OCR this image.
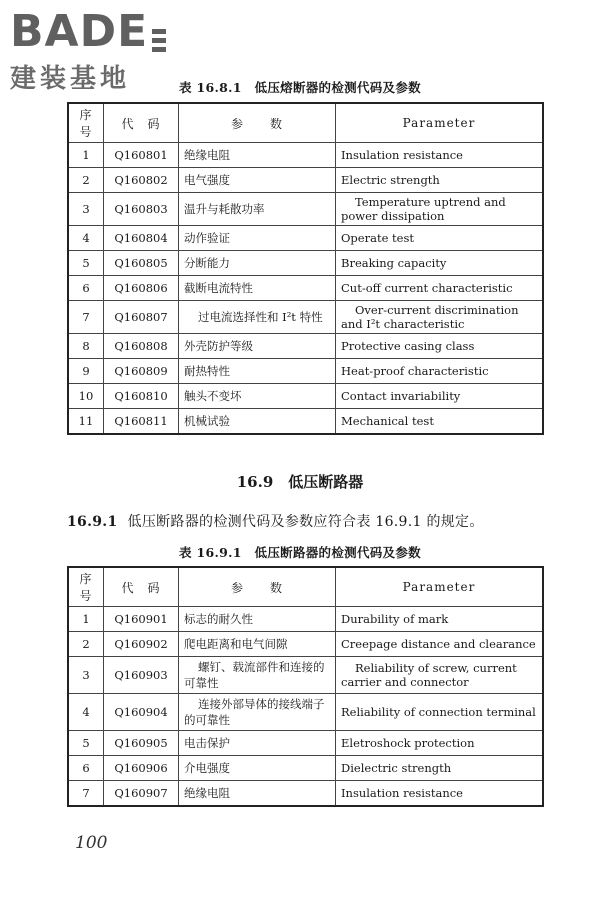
BADE
建装基地	表 16.8.1　低压熔断器的检测代码及参数
序号	代　码	参　　数	Parameter
1	Q160801	绝缘电阻	Insulation resistance
2	Q160802	电气强度	Electric strength
3	Q160803	温升与耗散功率	Temperature uptrend and power dissipation
4	Q160804	动作验证	Operate test
5	Q160805	分断能力	Breaking capacity
6	Q160806	截断电流特性	Cut-off current characteristic
7	Q160807	过电流选择性和 I²t 特性	Over-current discrimination and I²t characteristic
8	Q160808	外壳防护等级	Protective casing class
9	Q160809	耐热特性	Heat-proof characteristic
10	Q160810	触头不变坏	Contact invariability
11	Q160811	机械试验	Mechanical test
16.9　低压断路器
16.9.1 低压断路器的检测代码及参数应符合表 16.9.1 的规定。
表 16.9.1　低压断路器的检测代码及参数
序号	代　码	参　　数	Parameter
1	Q160901	标志的耐久性	Durability of mark
2	Q160902	爬电距离和电气间隙	Creepage distance and clearance
3	Q160903	螺钉、载流部件和连接的可靠性	Reliability of screw, current carrier and connector
4	Q160904	连接外部导体的接线端子的可靠性	Reliability of connection terminal
5	Q160905	电击保护	Eletroshock protection
6	Q160906	介电强度	Dielectric strength
7	Q160907	绝缘电阻	Insulation resistance
100
